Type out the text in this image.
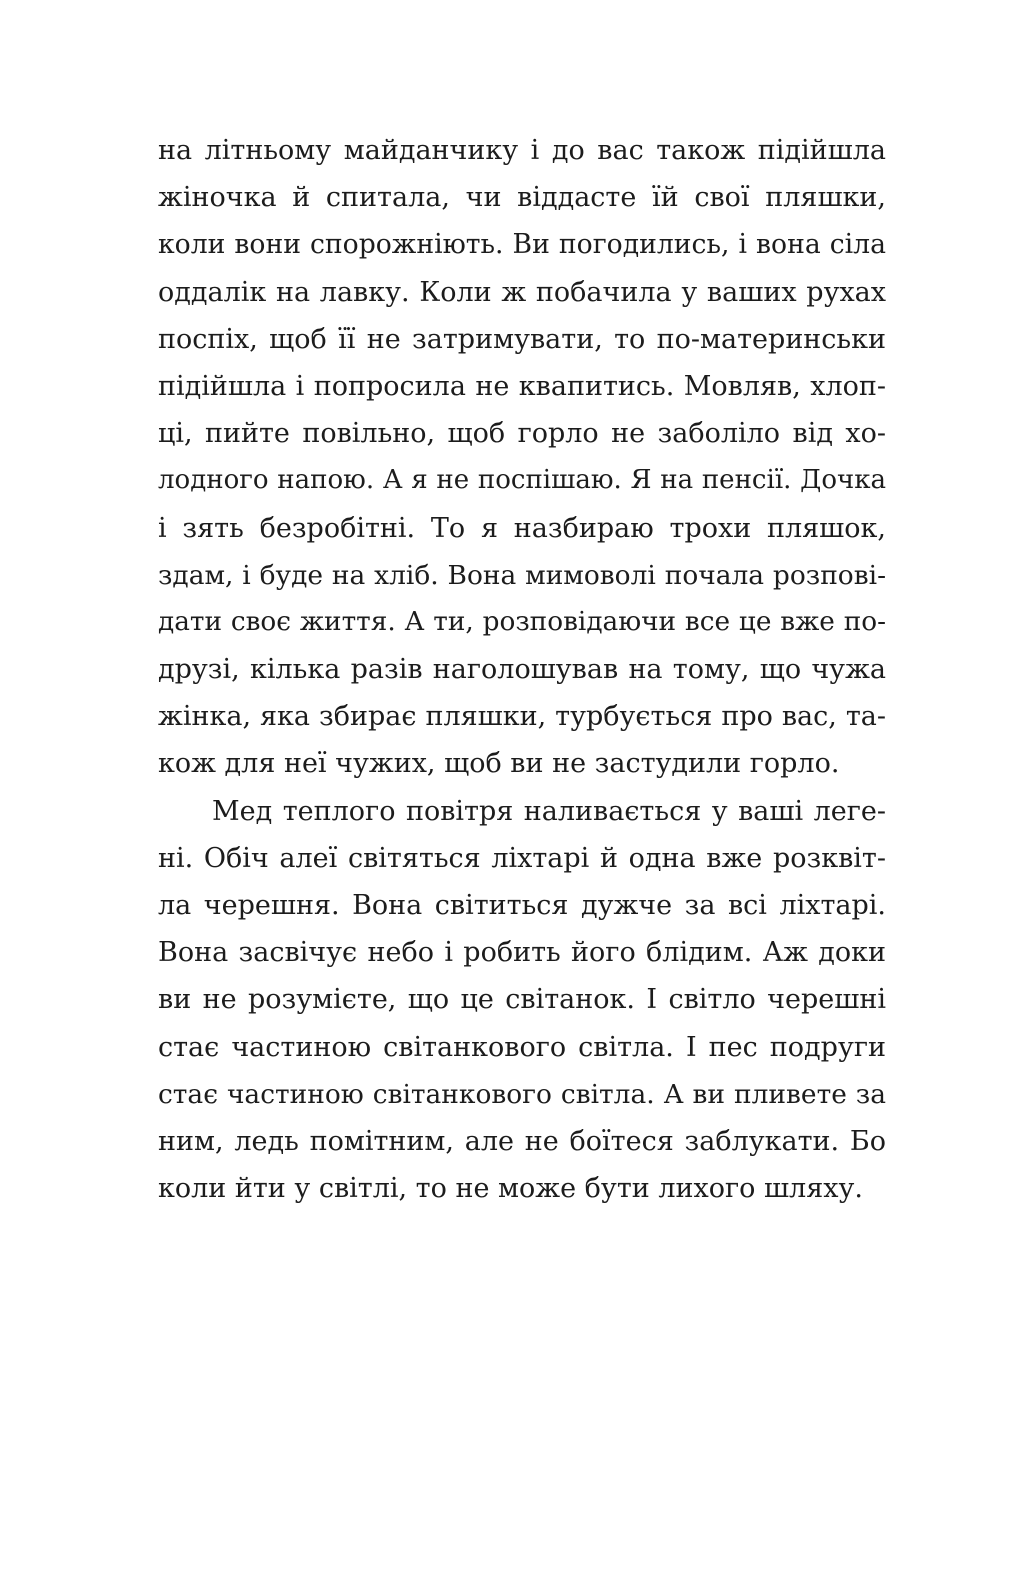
на літньому майданчику і до вас також підійшла
жіночка й спитала, чи віддасте їй свої пляшки,
коли вони спорожніють. Ви погодились, і вона сіла
оддалік на лавку. Коли ж побачила у ваших рухах
поспіх, щоб її не затримувати, то по-материнськи
підійшла і попросила не квапитись. Мовляв, хлоп-
ці, пийте повільно, щоб горло не заболіло від хо-
лодного напою. А я не поспішаю. Я на пенсії. Дочка
і зять безробітні. То я назбираю трохи пляшок,
здам, і буде на хліб. Вона мимоволі почала розпові-
дати своє життя. А ти, розповідаючи все це вже по-
друзі, кілька разів наголошував на тому, що чужа
жінка, яка збирає пляшки, турбується про вас, та-
кож для неї чужих, щоб ви не застудили горло.
Мед теплого повітря наливається у ваші леге-
ні. Обіч алеї світяться ліхтарі й одна вже розквіт-
ла черешня. Вона світиться дужче за всі ліхтарі.
Вона засвічує небо і робить його блідим. Аж доки
ви не розумієте, що це світанок. І світло черешні
стає частиною світанкового світла. І пес подруги
стає частиною світанкового світла. А ви пливете за
ним, ледь помітним, але не боїтеся заблукати. Бо
коли йти у світлі, то не може бути лихого шляху.
